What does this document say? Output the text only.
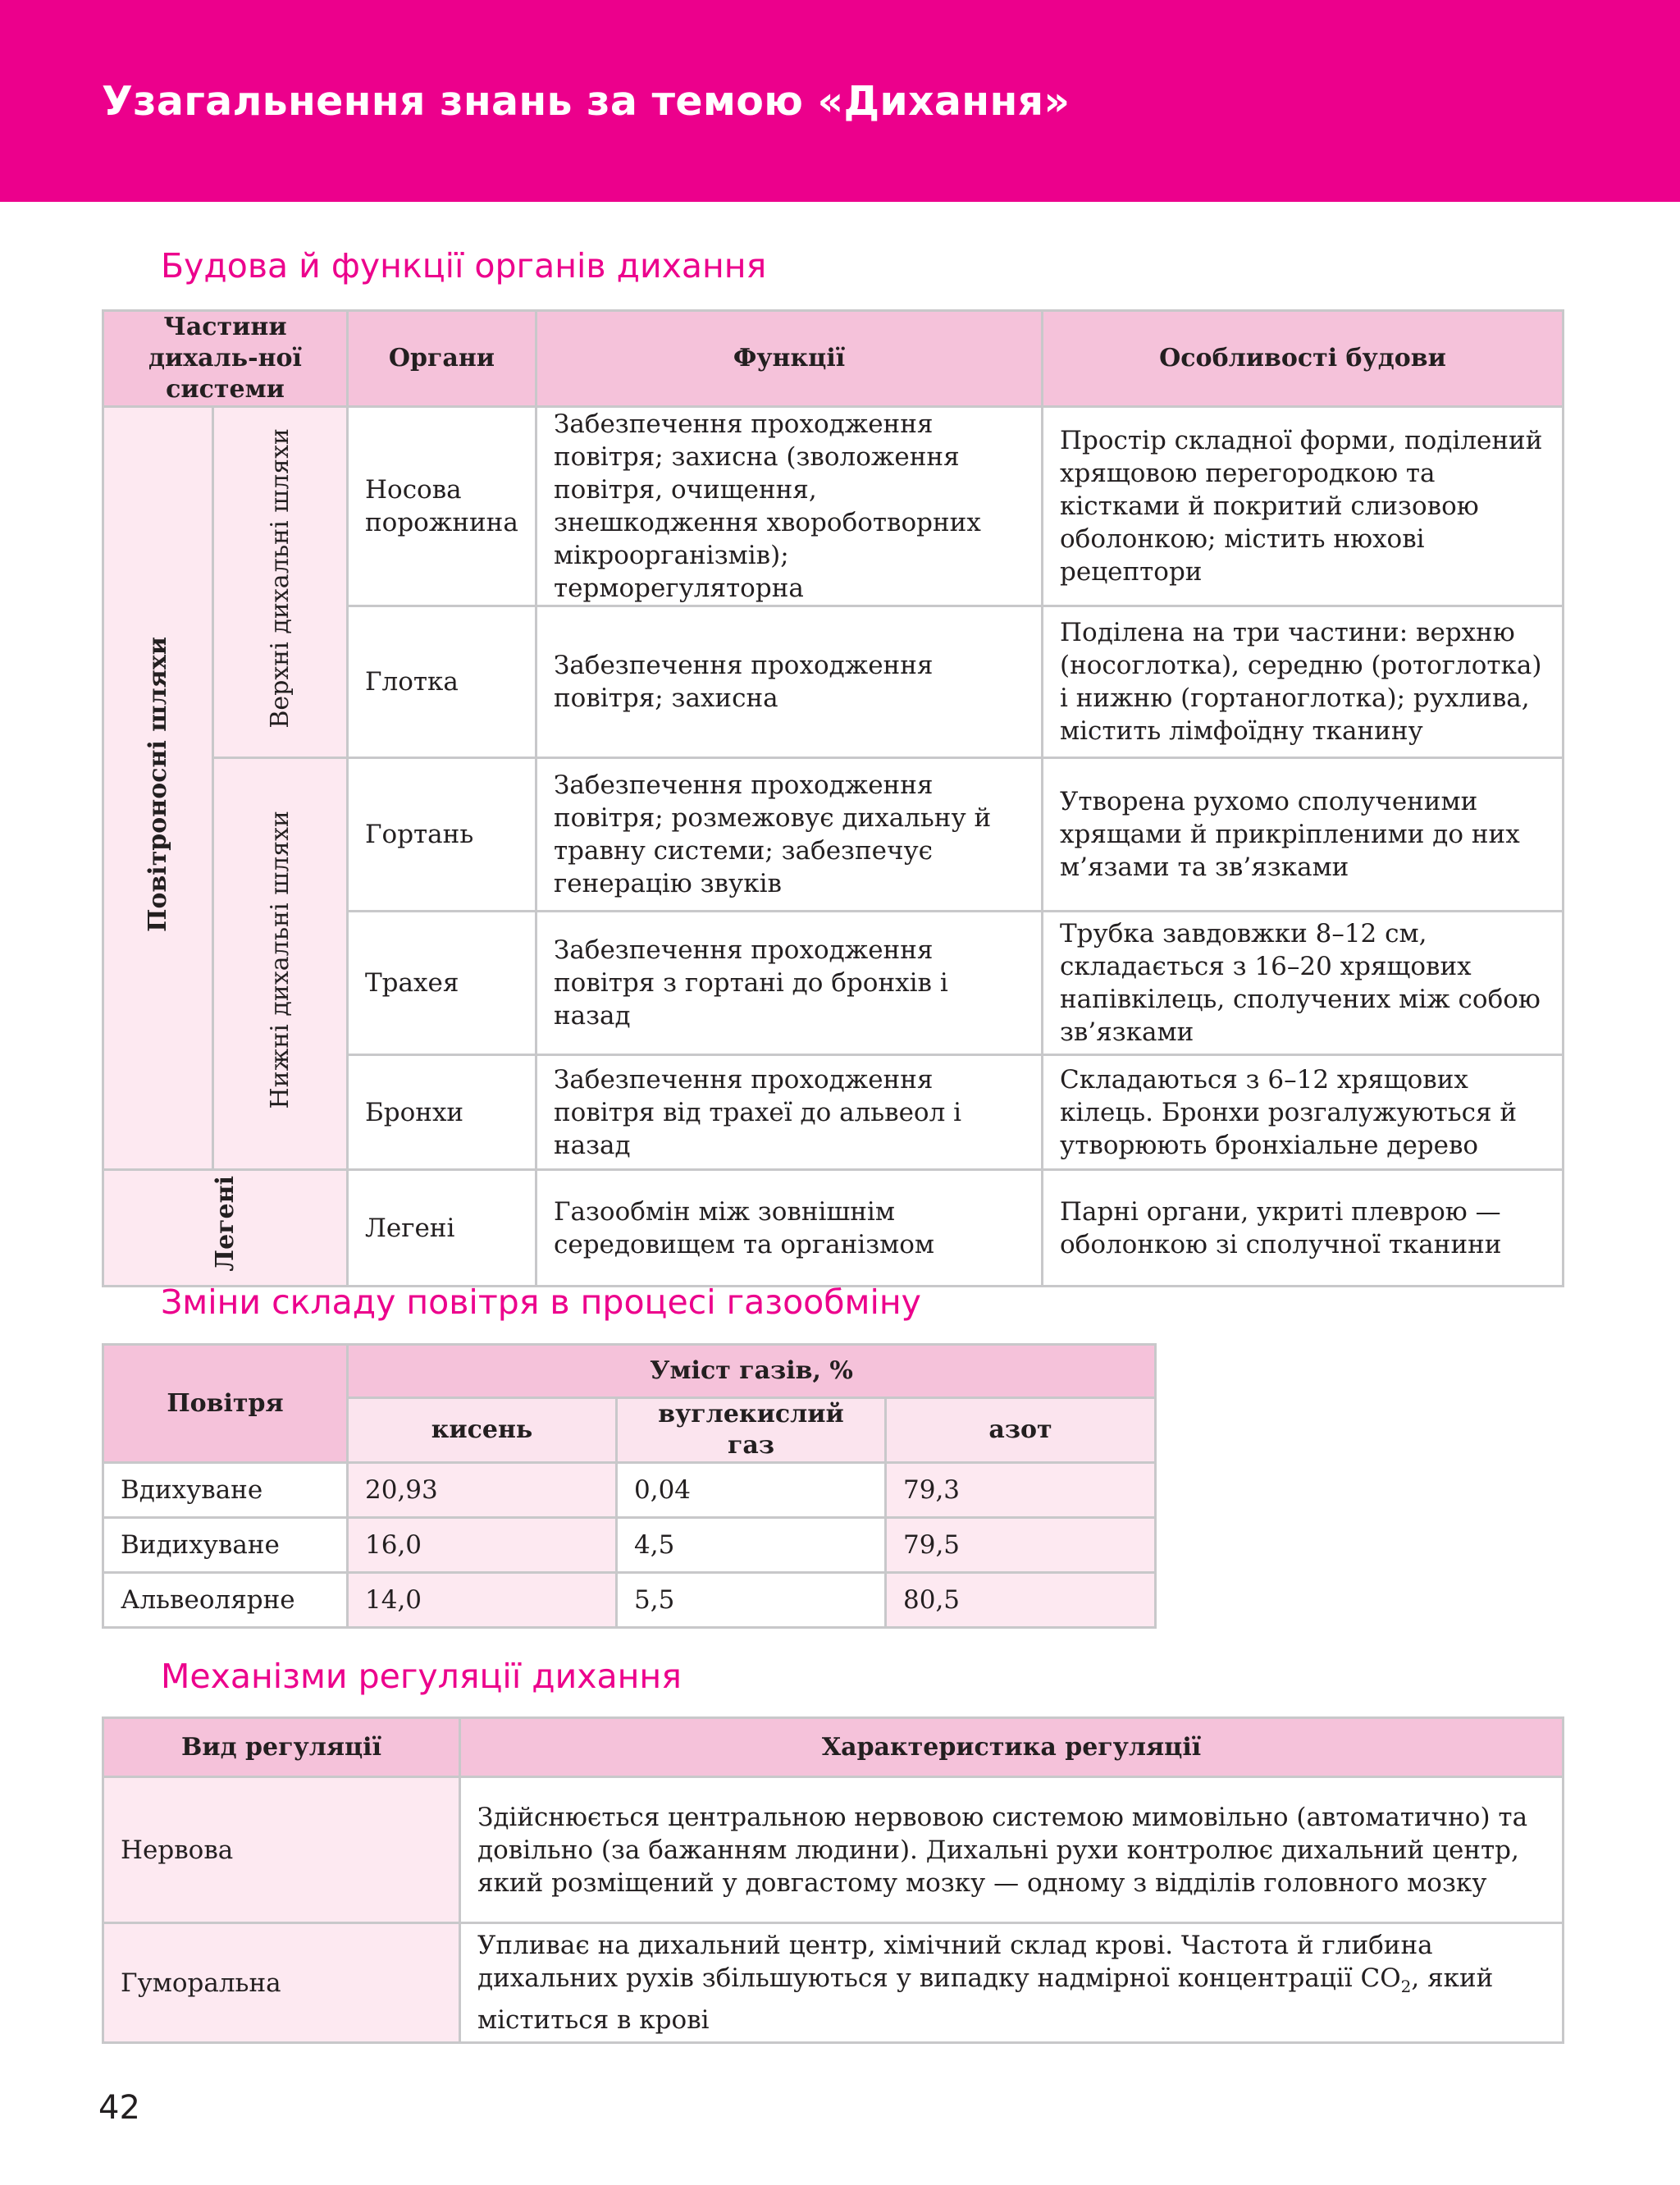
Узагальнення знань за темою «Дихання»
Будова й функції органів дихання
Частини дихаль-ної системи		Органи	Функції	Особливості будови
Повітроносні шляхи	Верхні дихальні шляхи	Носова порожнина	Забезпечення проходження повітря; захисна (зволоження повітря, очищення, знешкодження хвороботворних мікроорганізмів); терморегуляторна	Простір складної форми, поділений хрящовою перегородкою та кістками й покритий слизовою оболонкою; містить нюхові рецептори
		Глотка	Забезпечення проходження повітря; захисна	Поділена на три частини: верхню (носоглотка), середню (ротоглотка) і нижню (гортаноглотка); рухлива, містить лімфоїдну тканину
	Нижні дихальні шляхи	Гортань	Забезпечення проходження повітря; розмежовує дихальну й травну системи; забезпечує генерацію звуків	Утворена рухомо сполученими хрящами й прикріпленими до них м’язами та зв’язками
		Трахея	Забезпечення проходження повітря з гортані до бронхів і назад	Трубка завдовжки 8–12 см, складається з 16–20 хрящових напівкілець, сполучених між собою зв’язками
		Бронхи	Забезпечення проходження повітря від трахеї до альвеол і назад	Складаються з 6–12 хрящових кілець. Бронхи розгалужуються й утворюють бронхіальне дерево
Легені		Легені	Газообмін між зовнішнім середовищем та організмом	Парні органи, укриті плеврою — оболонкою зі сполучної тканини
Зміни складу повітря в процесі газообміну
Повітря	Уміст газів, %		
	кисень	вуглекислий газ	азот
Вдихуване	20,93	0,04	79,3
Видихуване	16,0	4,5	79,5
Альвеолярне	14,0	5,5	80,5
Механізми регуляції дихання
Вид регуляції	Характеристика регуляції
Нервова	Здійснюється центральною нервовою системою мимовільно (автоматично) та довільно (за бажанням людини). Дихальні рухи контролює дихальний центр, який розміщений у довгастому мозку — одному з відділів головного мозку
Гуморальна	Упливає на дихальний центр, хімічний склад крові. Частота й глибина дихальних рухів збільшуються у випадку надмірної концентрації $CO_2$, який міститься в крові
42
